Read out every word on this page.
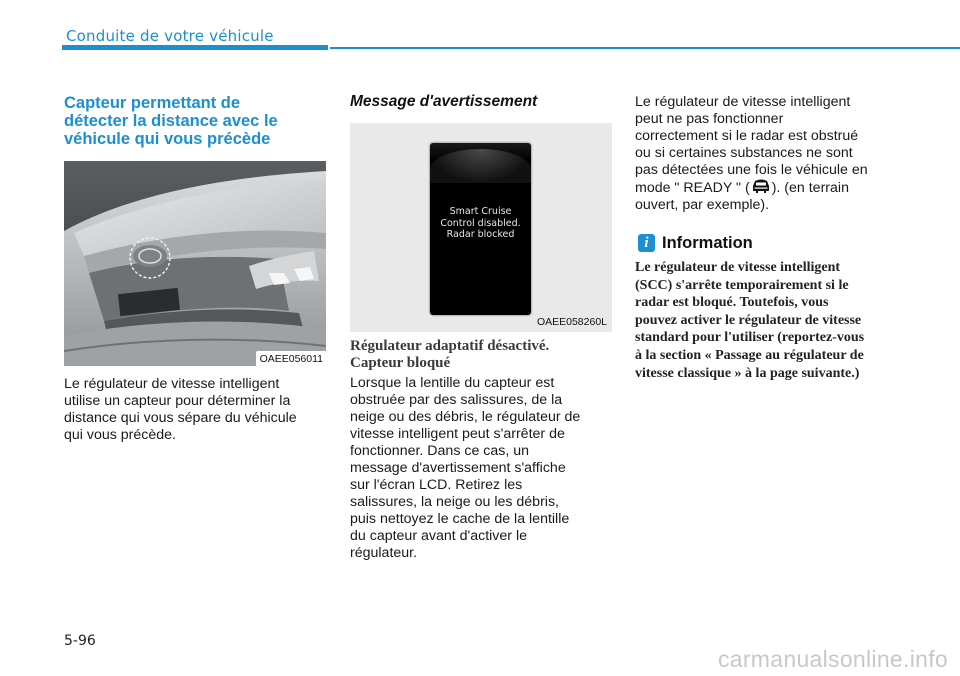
Conduite de votre véhicule
Capteur permettant de
détecter la distance avec le
véhicule qui vous précède
OAEE056011
Le régulateur de vitesse intelligent
utilise un capteur pour déterminer la
distance qui vous sépare du véhicule
qui vous précède.
Message d'avertissement
Smart Cruise
Control disabled.
Radar blocked
OAEE058260L
Régulateur adaptatif désactivé.
Capteur bloqué
Lorsque la lentille du capteur est
obstruée par des salissures, de la
neige ou des débris, le régulateur de
vitesse intelligent peut s'arrêter de
fonctionner. Dans ce cas, un
message d'avertissement s'affiche
sur l'écran LCD. Retirez les
salissures, la neige ou les débris,
puis nettoyez le cache de la lentille
du capteur avant d'activer le
régulateur.
Le régulateur de vitesse intelligent
peut ne pas fonctionner
correctement si le radar est obstrué
ou si certaines substances ne sont
pas détectées une fois le véhicule en
mode " READY " ( ). (en terrain
ouvert, par exemple).
i Information
Le régulateur de vitesse intelligent
(SCC) s'arrête temporairement si le
radar est bloqué. Toutefois, vous
pouvez activer le régulateur de vitesse
standard pour l'utiliser (reportez-vous
à la section « Passage au régulateur de
vitesse classique » à la page suivante.)
5-96
carmanualsonline.info
